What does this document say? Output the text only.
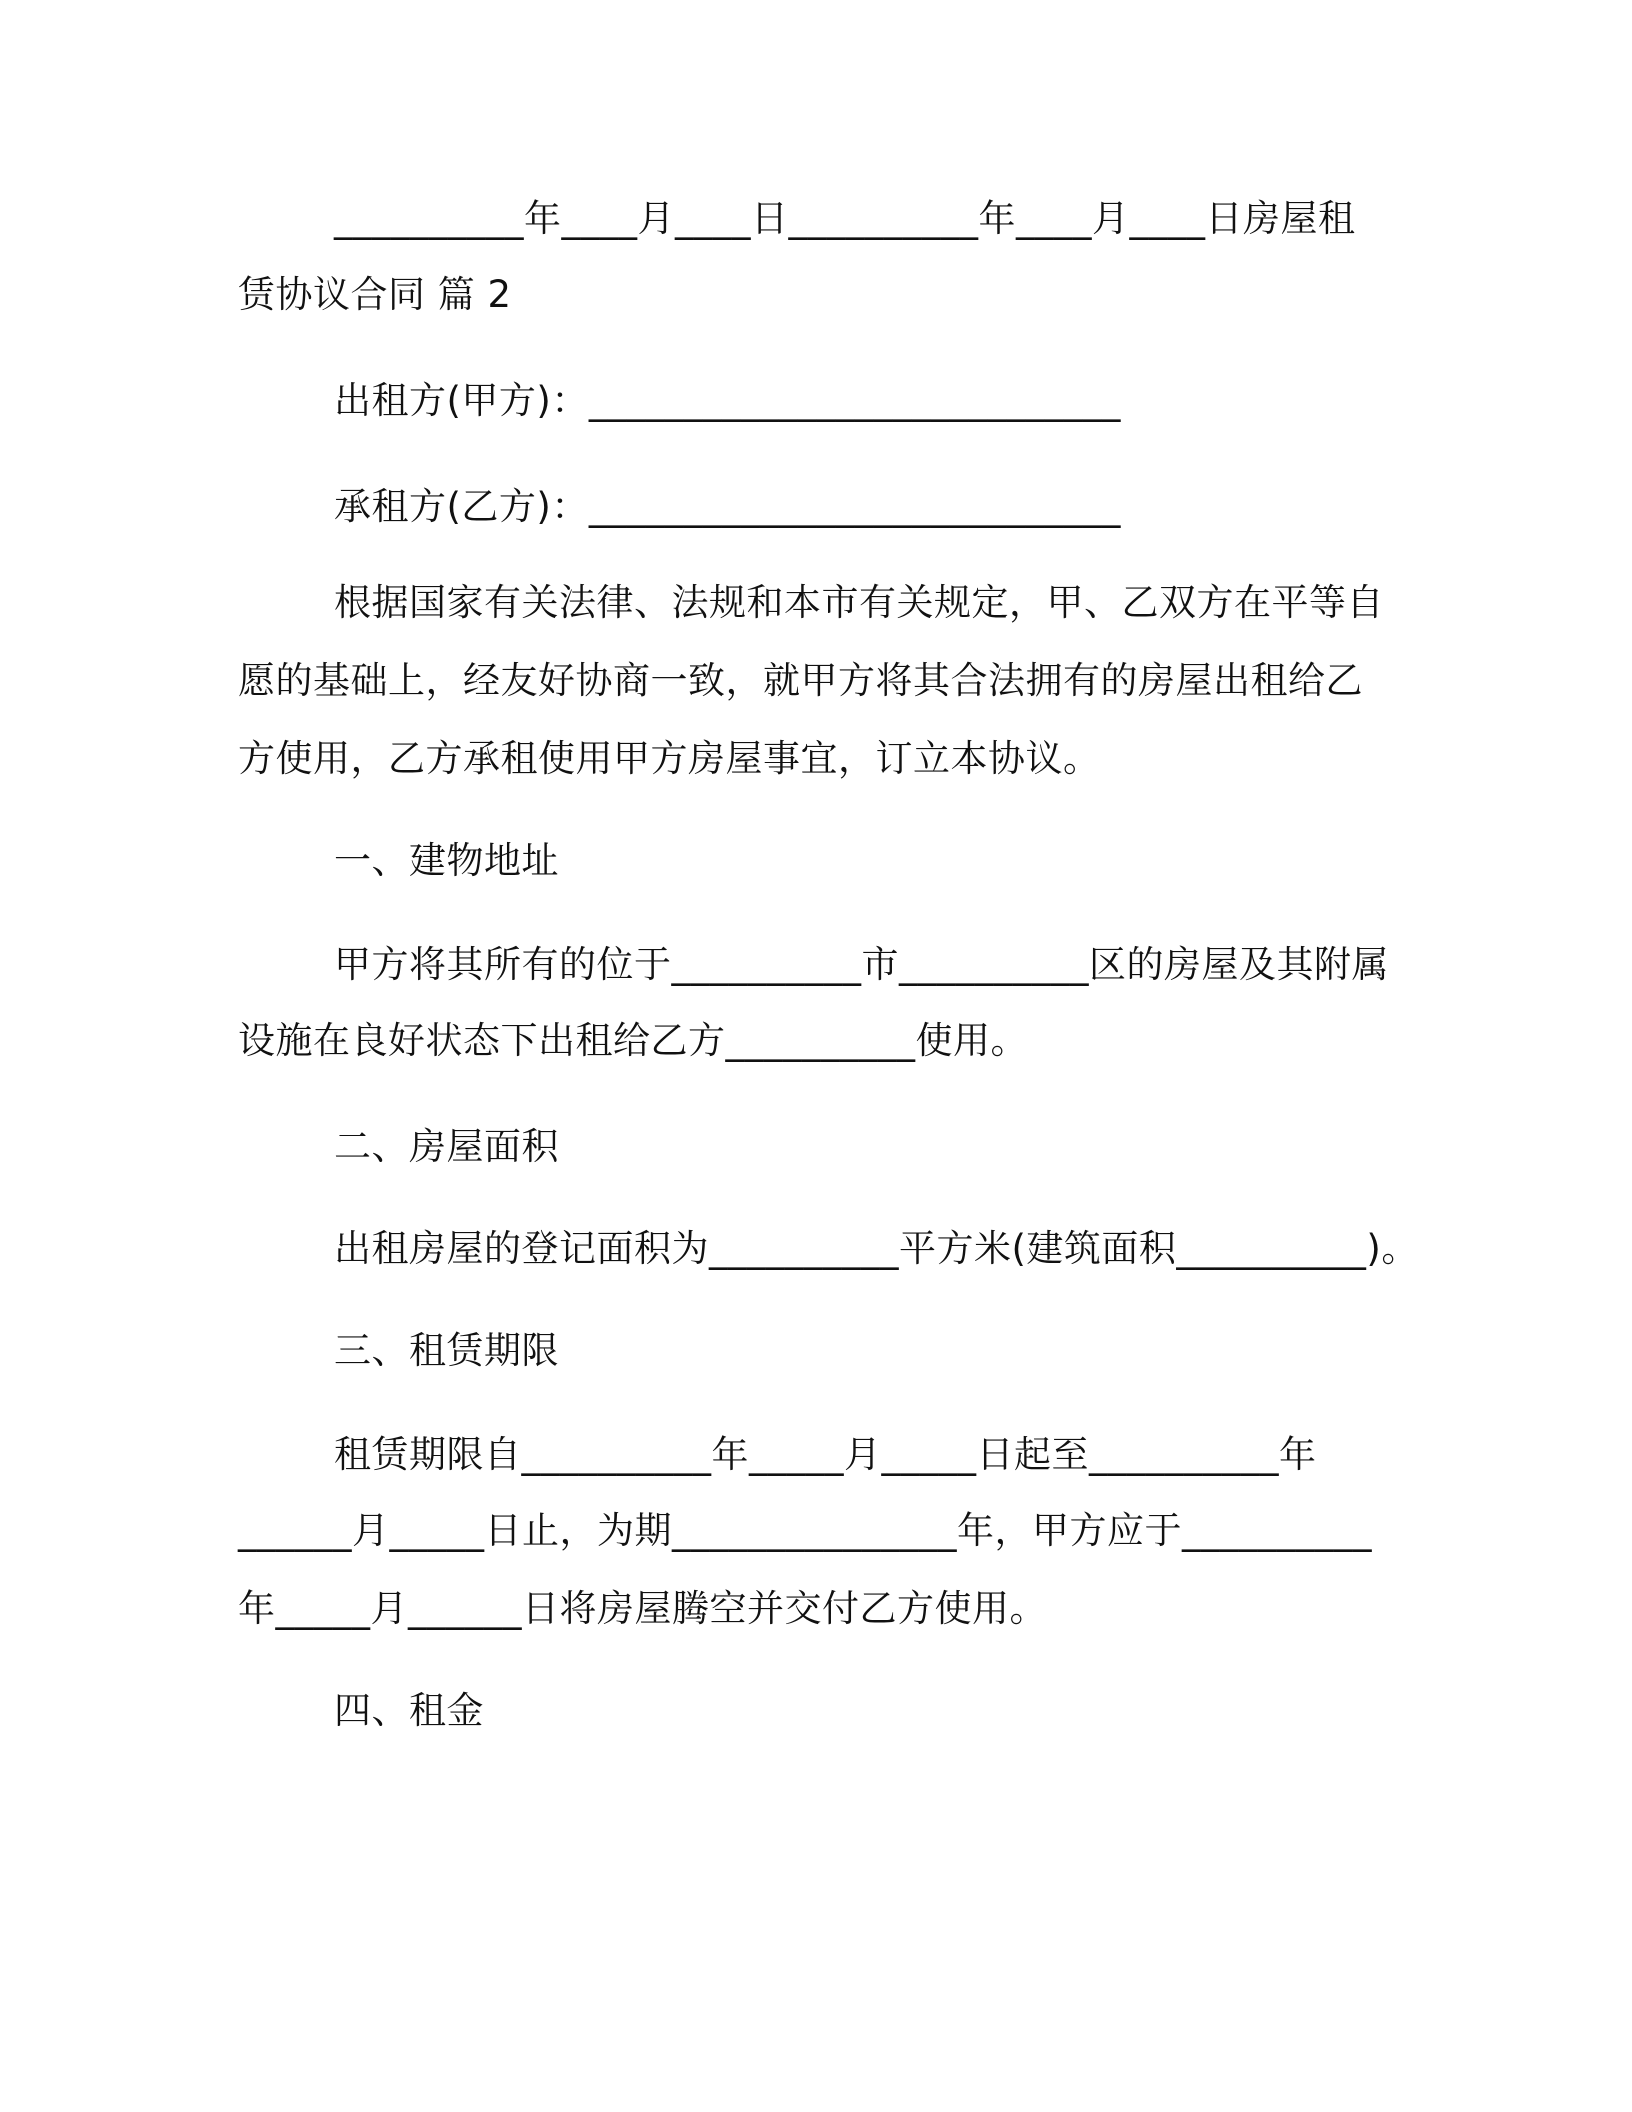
__________年____月____日__________年____月____日房屋租
赁协议合同 篇 2
出租方(甲方)：____________________________
承租方(乙方)：____________________________
根据国家有关法律、法规和本市有关规定，甲、乙双方在平等自
愿的基础上，经友好协商一致，就甲方将其合法拥有的房屋出租给乙
方使用，乙方承租使用甲方房屋事宜，订立本协议。
一、建物地址
甲方将其所有的位于__________市__________区的房屋及其附属
设施在良好状态下出租给乙方__________使用。
二、房屋面积
出租房屋的登记面积为__________平方米(建筑面积__________)。
三、租赁期限
租赁期限自__________年_____月_____日起至__________年
______月_____日止，为期_______________年，甲方应于__________
年_____月______日将房屋腾空并交付乙方使用。
四、租金
